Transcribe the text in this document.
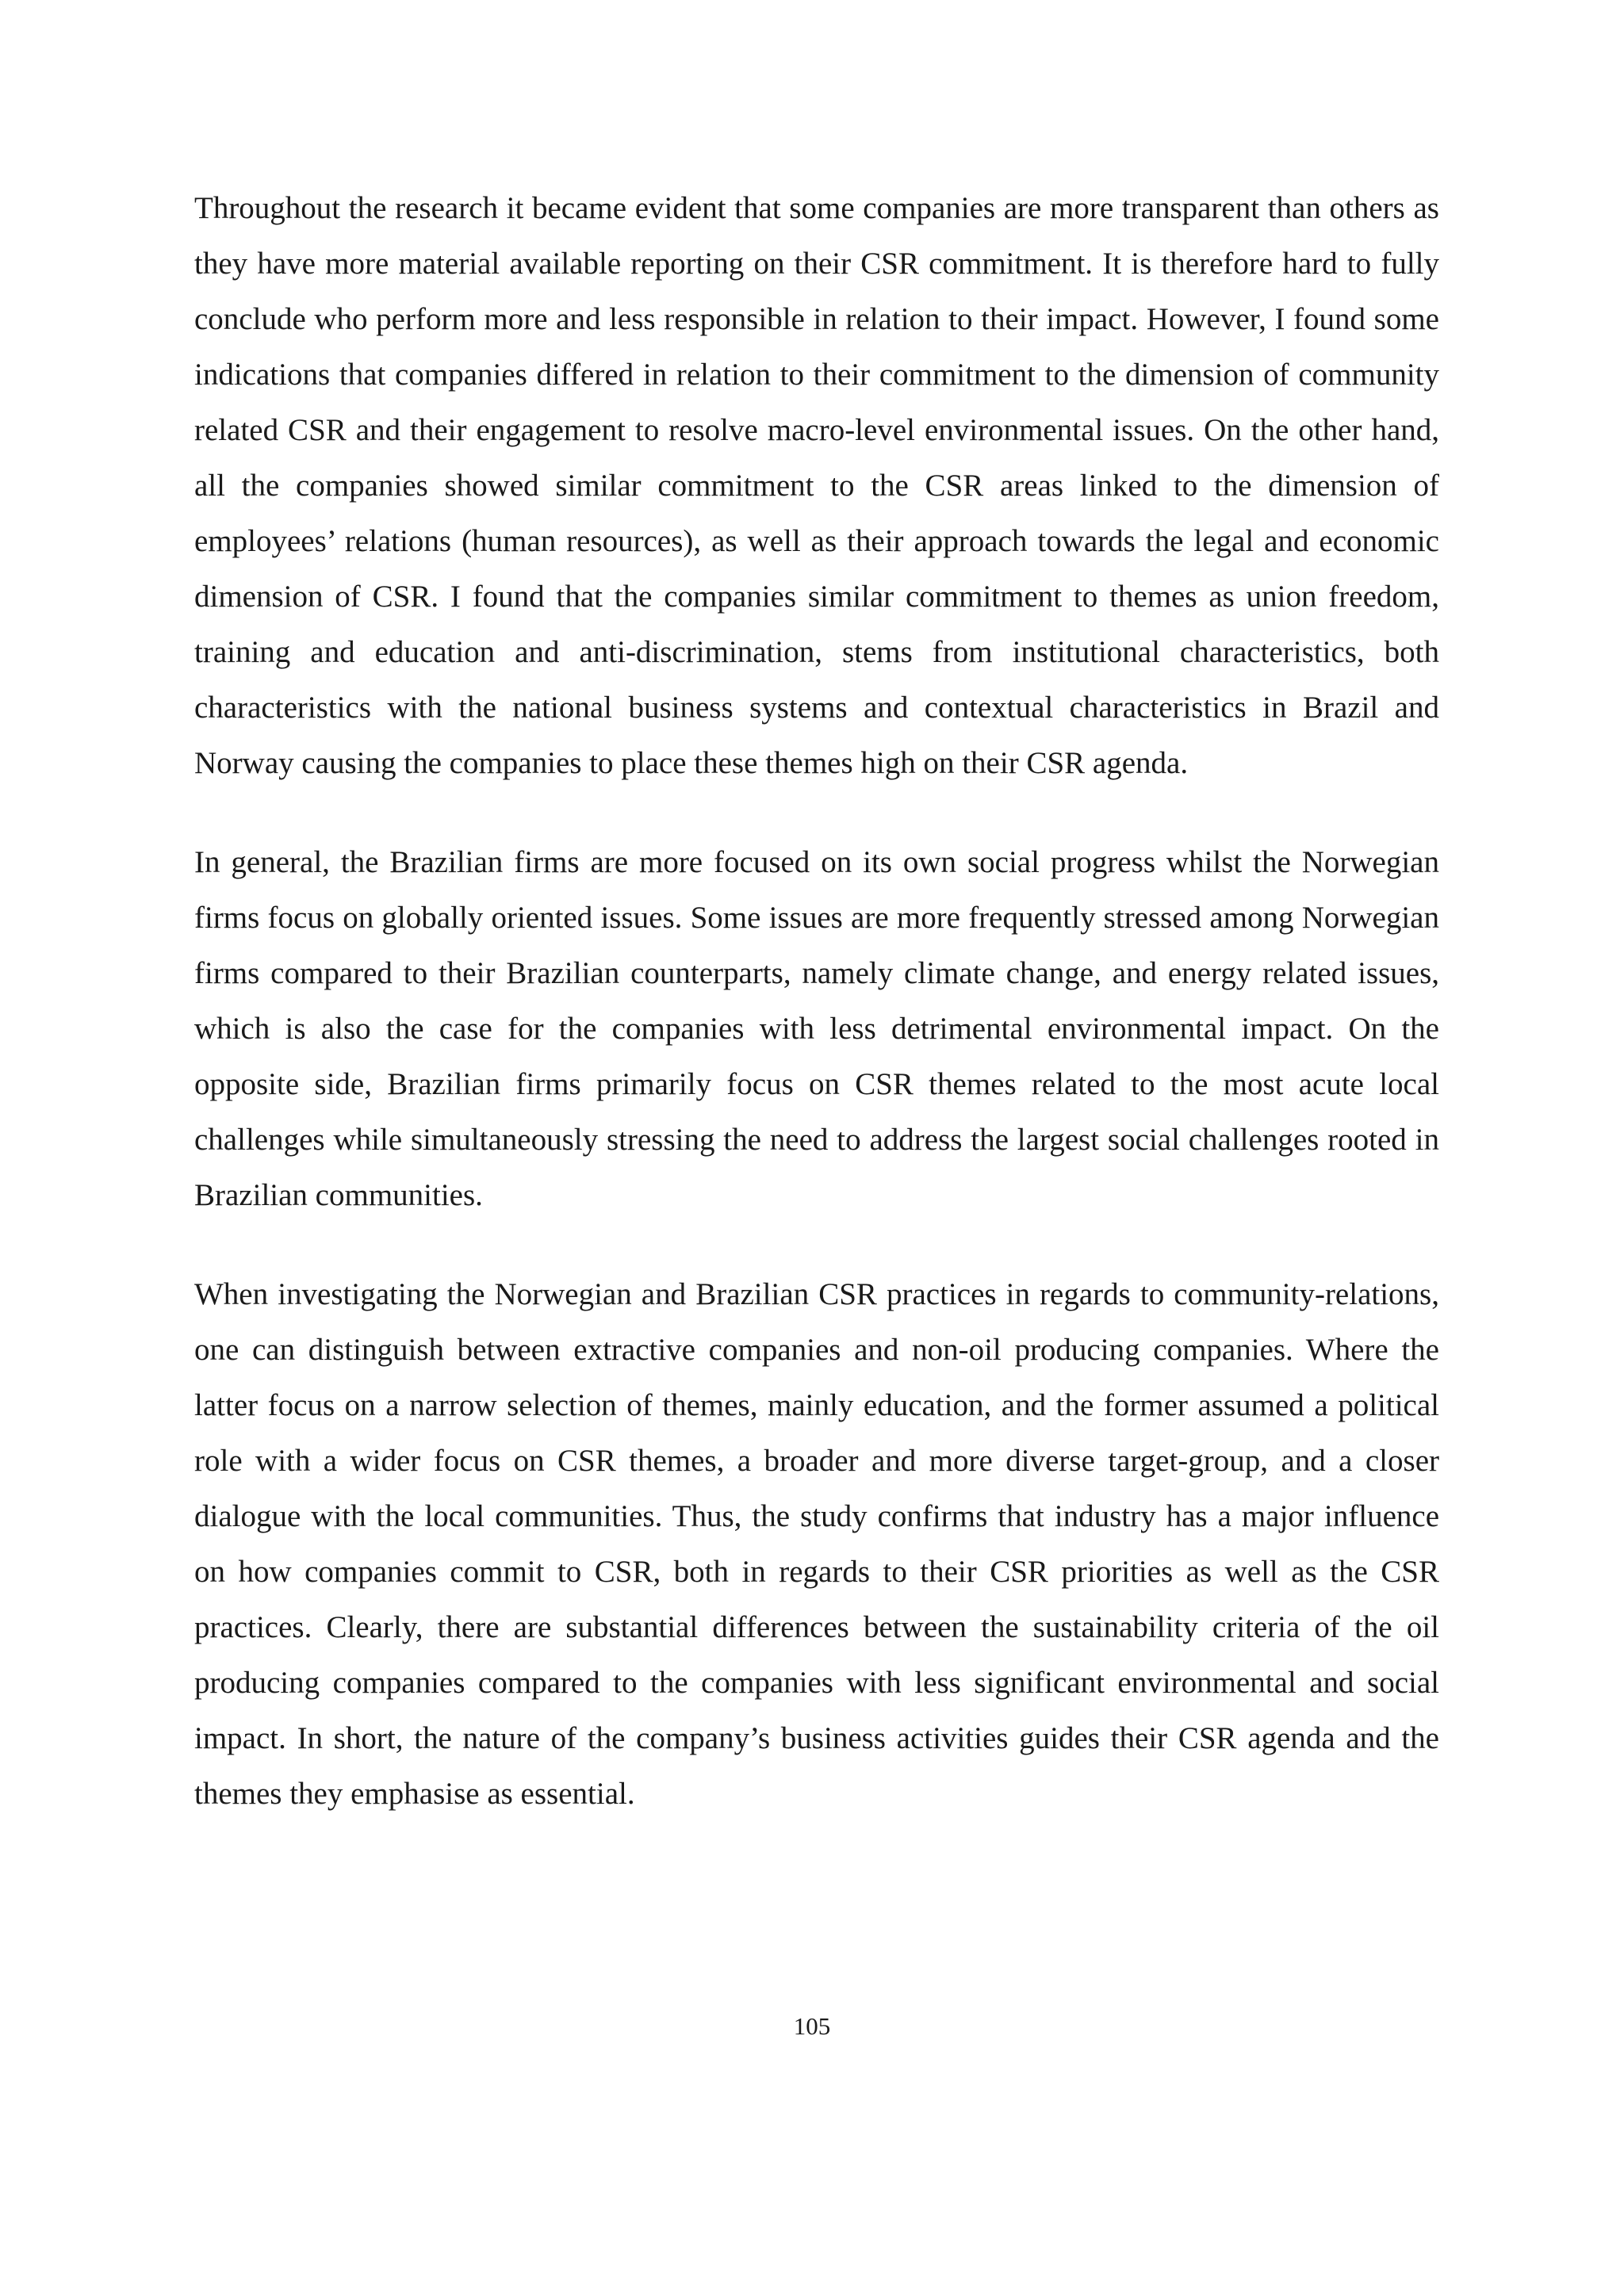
Throughout the research it became evident that some companies are more transparent than others as they have more material available reporting on their CSR commitment. It is therefore hard to fully conclude who perform more and less responsible in relation to their impact. However, I found some indications that companies differed in relation to their commitment to the dimension of community related CSR and their engagement to resolve macro-level environmental issues. On the other hand, all the companies showed similar commitment to the CSR areas linked to the dimension of employees’ relations (human resources), as well as their approach towards the legal and economic dimension of CSR. I found that the companies similar commitment to themes as union freedom, training and education and anti-discrimination, stems from institutional characteristics, both characteristics with the national business systems and contextual characteristics in Brazil and Norway causing the companies to place these themes high on their CSR agenda.

In general, the Brazilian firms are more focused on its own social progress whilst the Norwegian firms focus on globally oriented issues. Some issues are more frequently stressed among Norwegian firms compared to their Brazilian counterparts, namely climate change, and energy related issues, which is also the case for the companies with less detrimental environmental impact. On the opposite side, Brazilian firms primarily focus on CSR themes related to the most acute local challenges while simultaneously stressing the need to address the largest social challenges rooted in Brazilian communities.

When investigating the Norwegian and Brazilian CSR practices in regards to community-relations, one can distinguish between extractive companies and non-oil producing companies. Where the latter focus on a narrow selection of themes, mainly education, and the former assumed a political role with a wider focus on CSR themes, a broader and more diverse target-group, and a closer dialogue with the local communities. Thus, the study confirms that industry has a major influence on how companies commit to CSR, both in regards to their CSR priorities as well as the CSR practices. Clearly, there are substantial differences between the sustainability criteria of the oil producing companies compared to the companies with less significant environmental and social impact. In short, the nature of the company’s business activities guides their CSR agenda and the themes they emphasise as essential.

105
